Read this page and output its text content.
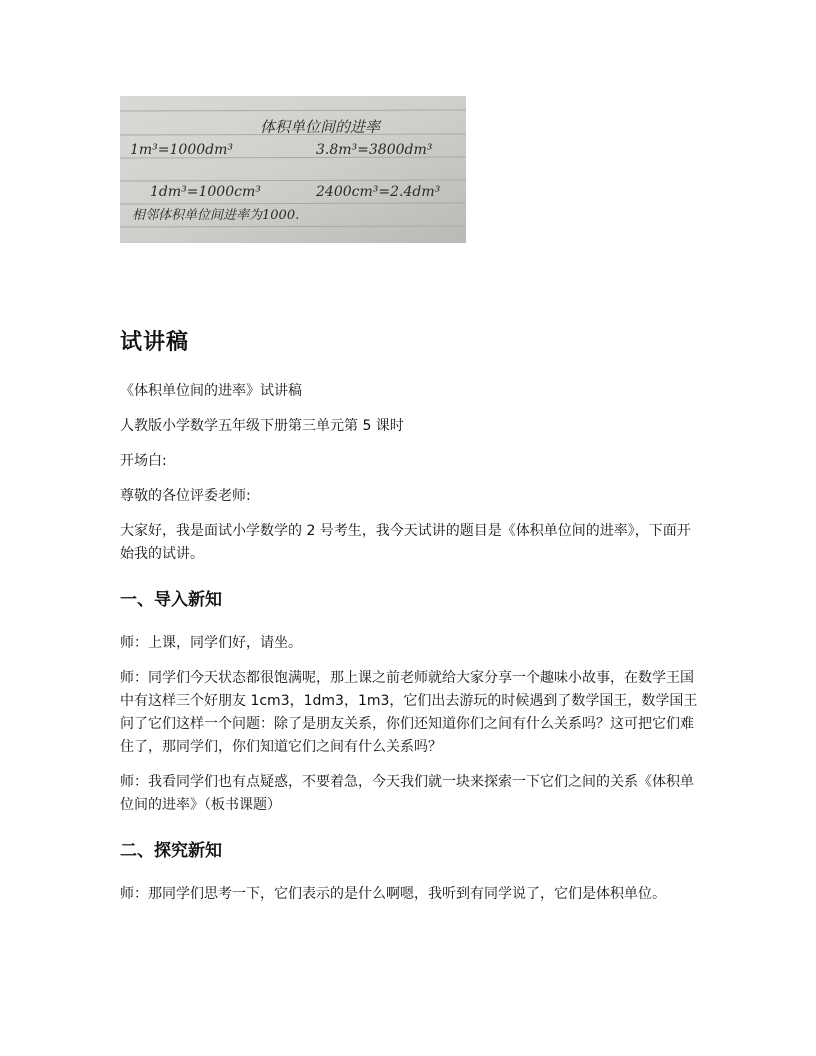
体积单位间的进率
1m³=1000dm³	3.8m³=3800dm³
1dm³=1000cm³	2400cm³=2.4dm³
相邻体积单位间进率为1000.
试讲稿

《体积单位间的进率》试讲稿

人教版小学数学五年级下册第三单元第 5 课时

开场白:

尊敬的各位评委老师:

大家好，我是面试小学数学的 2 号考生，我今天试讲的题目是《体积单位间的进率》，下面开始我的试讲。

一、导入新知

师：上课，同学们好，请坐。

师：同学们今天状态都很饱满呢，那上课之前老师就给大家分享一个趣味小故事，在数学王国中有这样三个好朋友 1cm3，1dm3，1m3，它们出去游玩的时候遇到了数学国王，数学国王问了它们这样一个问题：除了是朋友关系，你们还知道你们之间有什么关系吗？这可把它们难住了，那同学们，你们知道它们之间有什么关系吗？

师：我看同学们也有点疑惑，不要着急，今天我们就一块来探索一下它们之间的关系《体积单位间的进率》（板书课题）

二、探究新知

师：那同学们思考一下，它们表示的是什么啊嗯，我听到有同学说了，它们是体积单位。
